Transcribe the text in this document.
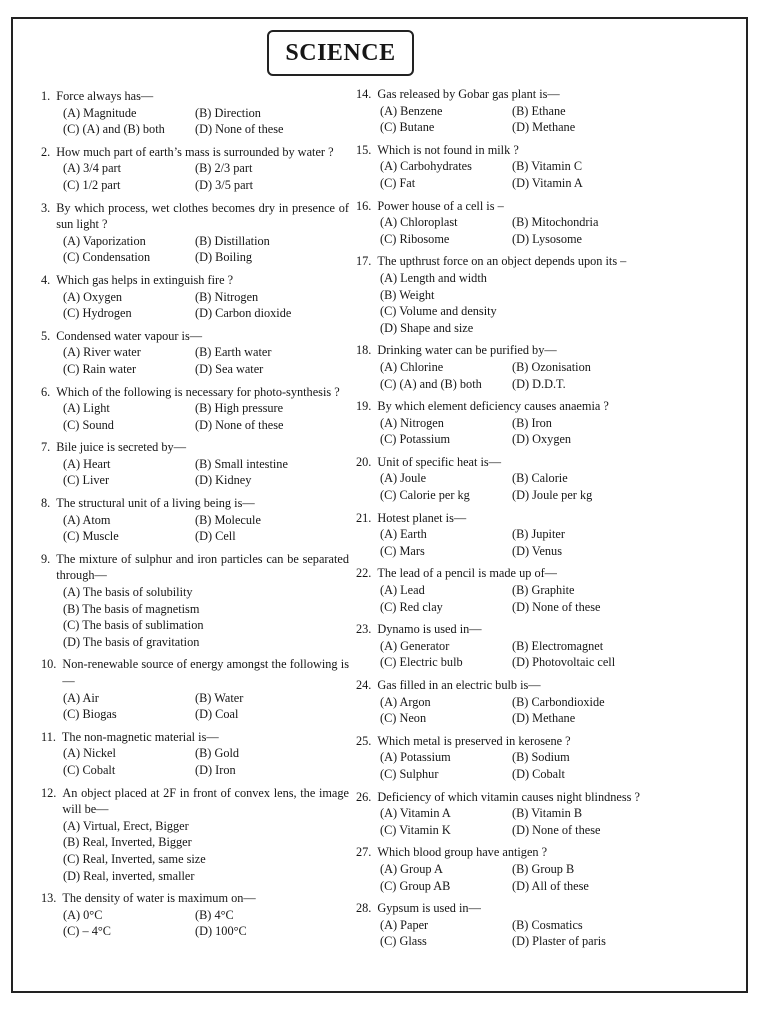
SCIENCE
1. Force always has—
(A) Magnitude	(B) Direction
(C) (A) and (B) both	(D) None of these
2. How much part of earth’s mass is surrounded by water ?
(A) 3/4 part	(B) 2/3 part
(C) 1/2 part	(D) 3/5 part
3. By which process, wet clothes becomes dry in presence of sun light ?
(A) Vaporization	(B) Distillation
(C) Condensation	(D) Boiling
4. Which gas helps in extinguish fire ?
(A) Oxygen	(B) Nitrogen
(C) Hydrogen	(D) Carbon dioxide
5. Condensed water vapour is—
(A) River water	(B) Earth water
(C) Rain water	(D) Sea water
6. Which of the following is necessary for photo-synthesis ?
(A) Light	(B) High pressure
(C) Sound	(D) None of these
7. Bile juice is secreted by—
(A) Heart	(B) Small intestine
(C) Liver	(D) Kidney
8. The structural unit of a living being is—
(A) Atom	(B) Molecule
(C) Muscle	(D) Cell
9. The mixture of sulphur and iron particles can be separated through—
(A) The basis of solubility
(B) The basis of magnetism
(C) The basis of sublimation
(D) The basis of gravitation
10. Non-renewable source of energy amongst the following is—
(A) Air	(B) Water
(C) Biogas	(D) Coal
11. The non-magnetic material is—
(A) Nickel	(B) Gold
(C) Cobalt	(D) Iron
12. An object placed at 2F in front of convex lens, the image will be—
(A) Virtual, Erect, Bigger
(B) Real, Inverted, Bigger
(C) Real, Inverted, same size
(D) Real, inverted, smaller
13. The density of water is maximum on—
(A) 0°C	(B) 4°C
(C) – 4°C	(D) 100°C
14. Gas released by Gobar gas plant is—
(A) Benzene	(B) Ethane
(C) Butane	(D) Methane
15. Which is not found in milk ?
(A) Carbohydrates	(B) Vitamin C
(C) Fat	(D) Vitamin A
16. Power house of a cell is –
(A) Chloroplast	(B) Mitochondria
(C) Ribosome	(D) Lysosome
17. The upthrust force on an object depends upon its –
(A) Length and width
(B) Weight
(C) Volume and density
(D) Shape and size
18. Drinking water can be purified by—
(A) Chlorine	(B) Ozonisation
(C) (A) and (B) both	(D) D.D.T.
19. By which element deficiency causes anaemia ?
(A) Nitrogen	(B) Iron
(C) Potassium	(D) Oxygen
20. Unit of specific heat is—
(A) Joule	(B) Calorie
(C) Calorie per kg	(D) Joule per kg
21. Hotest planet is—
(A) Earth	(B) Jupiter
(C) Mars	(D) Venus
22. The lead of a pencil is made up of—
(A) Lead	(B) Graphite
(C) Red clay	(D) None of these
23. Dynamo is used in—
(A) Generator	(B) Electromagnet
(C) Electric bulb	(D) Photovoltaic cell
24. Gas filled in an electric bulb is—
(A) Argon	(B) Carbondioxide
(C) Neon	(D) Methane
25. Which metal is preserved in kerosene ?
(A) Potassium	(B) Sodium
(C) Sulphur	(D) Cobalt
26. Deficiency of which vitamin causes night blindness ?
(A) Vitamin A	(B) Vitamin B
(C) Vitamin K	(D) None of these
27. Which blood group have antigen ?
(A) Group A	(B) Group B
(C) Group AB	(D) All of these
28. Gypsum is used in—
(A) Paper	(B) Cosmatics
(C) Glass	(D) Plaster of paris
